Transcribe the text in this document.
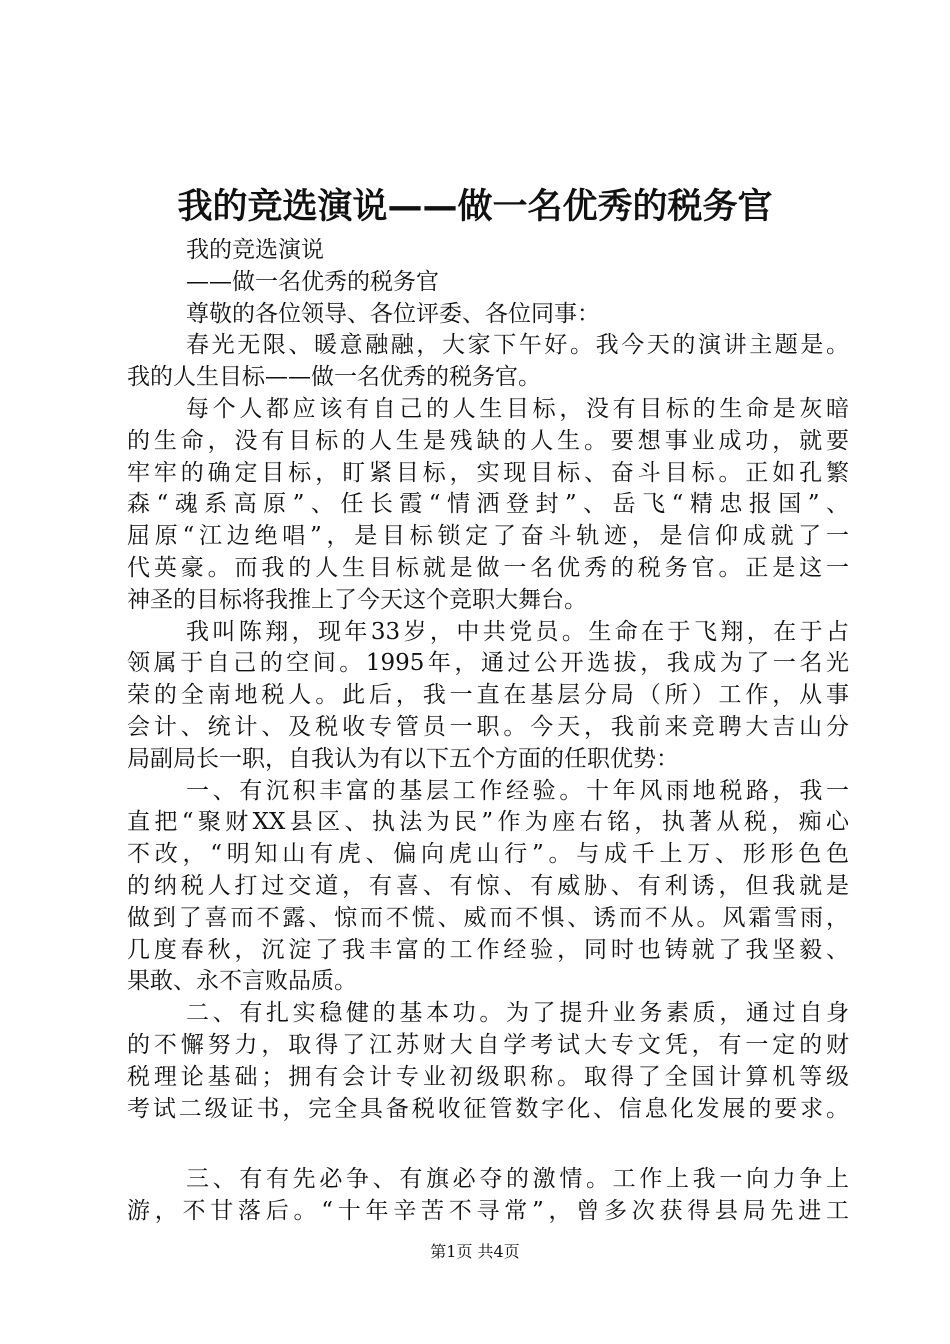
我的竞选演说——做一名优秀的税务官
我的竞选演说
——做一名优秀的税务官
尊敬的各位领导、各位评委、各位同事：
春光无限、暖意融融，大家下午好。我今天的演讲主题是。
我的人生目标——做一名优秀的税务官。
每个人都应该有自己的人生目标，没有目标的生命是灰暗
的生命，没有目标的人生是残缺的人生。要想事业成功，就要
牢牢的确定目标，盯紧目标，实现目标、奋斗目标。正如孔繁
森“魂系高原”、任长霞“情洒登封”、岳飞“精忠报国”、
屈原“江边绝唱”，是目标锁定了奋斗轨迹，是信仰成就了一
代英豪。而我的人生目标就是做一名优秀的税务官。正是这一
神圣的目标将我推上了今天这个竞职大舞台。
我叫陈翔，现年33岁，中共党员。生命在于飞翔，在于占
领属于自己的空间。1995年，通过公开选拔，我成为了一名光
荣的全南地税人。此后，我一直在基层分局（所）工作，从事
会计、统计、及税收专管员一职。今天，我前来竞聘大吉山分
局副局长一职，自我认为有以下五个方面的任职优势：
一、有沉积丰富的基层工作经验。十年风雨地税路，我一
直把“聚财XX县区、执法为民”作为座右铭，执著从税，痴心
不改，“明知山有虎、偏向虎山行”。与成千上万、形形色色
的纳税人打过交道，有喜、有惊、有威胁、有利诱，但我就是
做到了喜而不露、惊而不慌、威而不惧、诱而不从。风霜雪雨，
几度春秋，沉淀了我丰富的工作经验，同时也铸就了我坚毅、
果敢、永不言败品质。
二、有扎实稳健的基本功。为了提升业务素质，通过自身
的不懈努力，取得了江苏财大自学考试大专文凭，有一定的财
税理论基础；拥有会计专业初级职称。取得了全国计算机等级
考试二级证书，完全具备税收征管数字化、信息化发展的要求。
三、有有先必争、有旗必夺的激情。工作上我一向力争上
游，不甘落后。“十年辛苦不寻常”，曾多次获得县局先进工
第1页 共4页
